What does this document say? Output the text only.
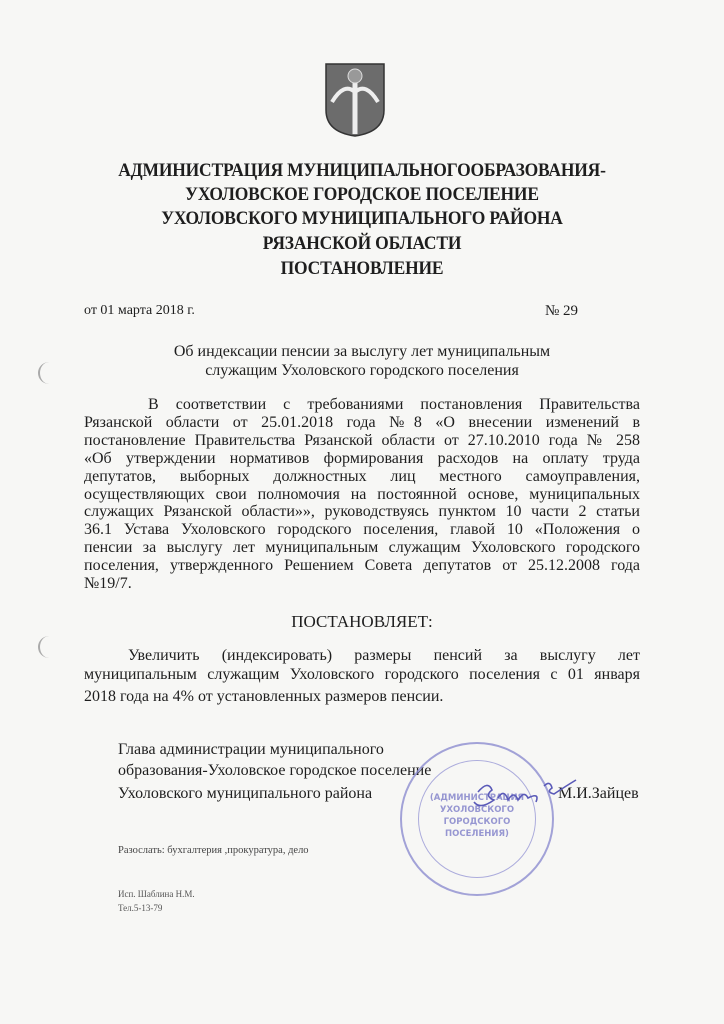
АДМИНИСТРАЦИЯ МУНИЦИПАЛЬНОГООБРАЗОВАНИЯ-
УХОЛОВСКОЕ ГОРОДСКОЕ ПОСЕЛЕНИЕ
УХОЛОВСКОГО МУНИЦИПАЛЬНОГО РАЙОНА
РЯЗАНСКОЙ ОБЛАСТИ
ПОСТАНОВЛЕНИЕ
от 01 марта 2018 г.	№ 29
Об индексации пенсии за выслугу лет муниципальным
служащим Ухоловского городского поселения
В соответствии с требованиями постановления Правительства
Рязанской области от 25.01.2018 года №8 «О внесении изменений в
постановление Правительства Рязанской области от 27.10.2010 года № 258
«Об утверждении нормативов формирования расходов на оплату труда
депутатов, выборных должностных лиц местного самоуправления,
осуществляющих свои полномочия на постоянной основе, муниципальных
служащих Рязанской области»», руководствуясь пунктом 10 части 2 статьи
36.1 Устава Ухоловского городского поселения, главой 10 «Положения о
пенсии за выслугу лет муниципальным служащим Ухоловского городского
поселения, утвержденного Решением Совета депутатов от 25.12.2008 года
№19/7.
ПОСТАНОВЛЯЕТ:
Увеличить (индексировать) размеры пенсий за выслугу лет
муниципальным служащим Ухоловского городского поселения с 01 января
2018 года на 4% от установленных размеров пенсии.
Глава администрации муниципального
образования-Ухоловское городское поселение
Ухоловского муниципального района	М.И.Зайцев
(АДМИНИСТРАЦИЯ
УХОЛОВСКОГО
ГОРОДСКОГО
ПОСЕЛЕНИЯ)
Разослать: бухгалтерия ,прокуратура, дело
Исп. Шаблина Н.М.
Тел.5-13-79
